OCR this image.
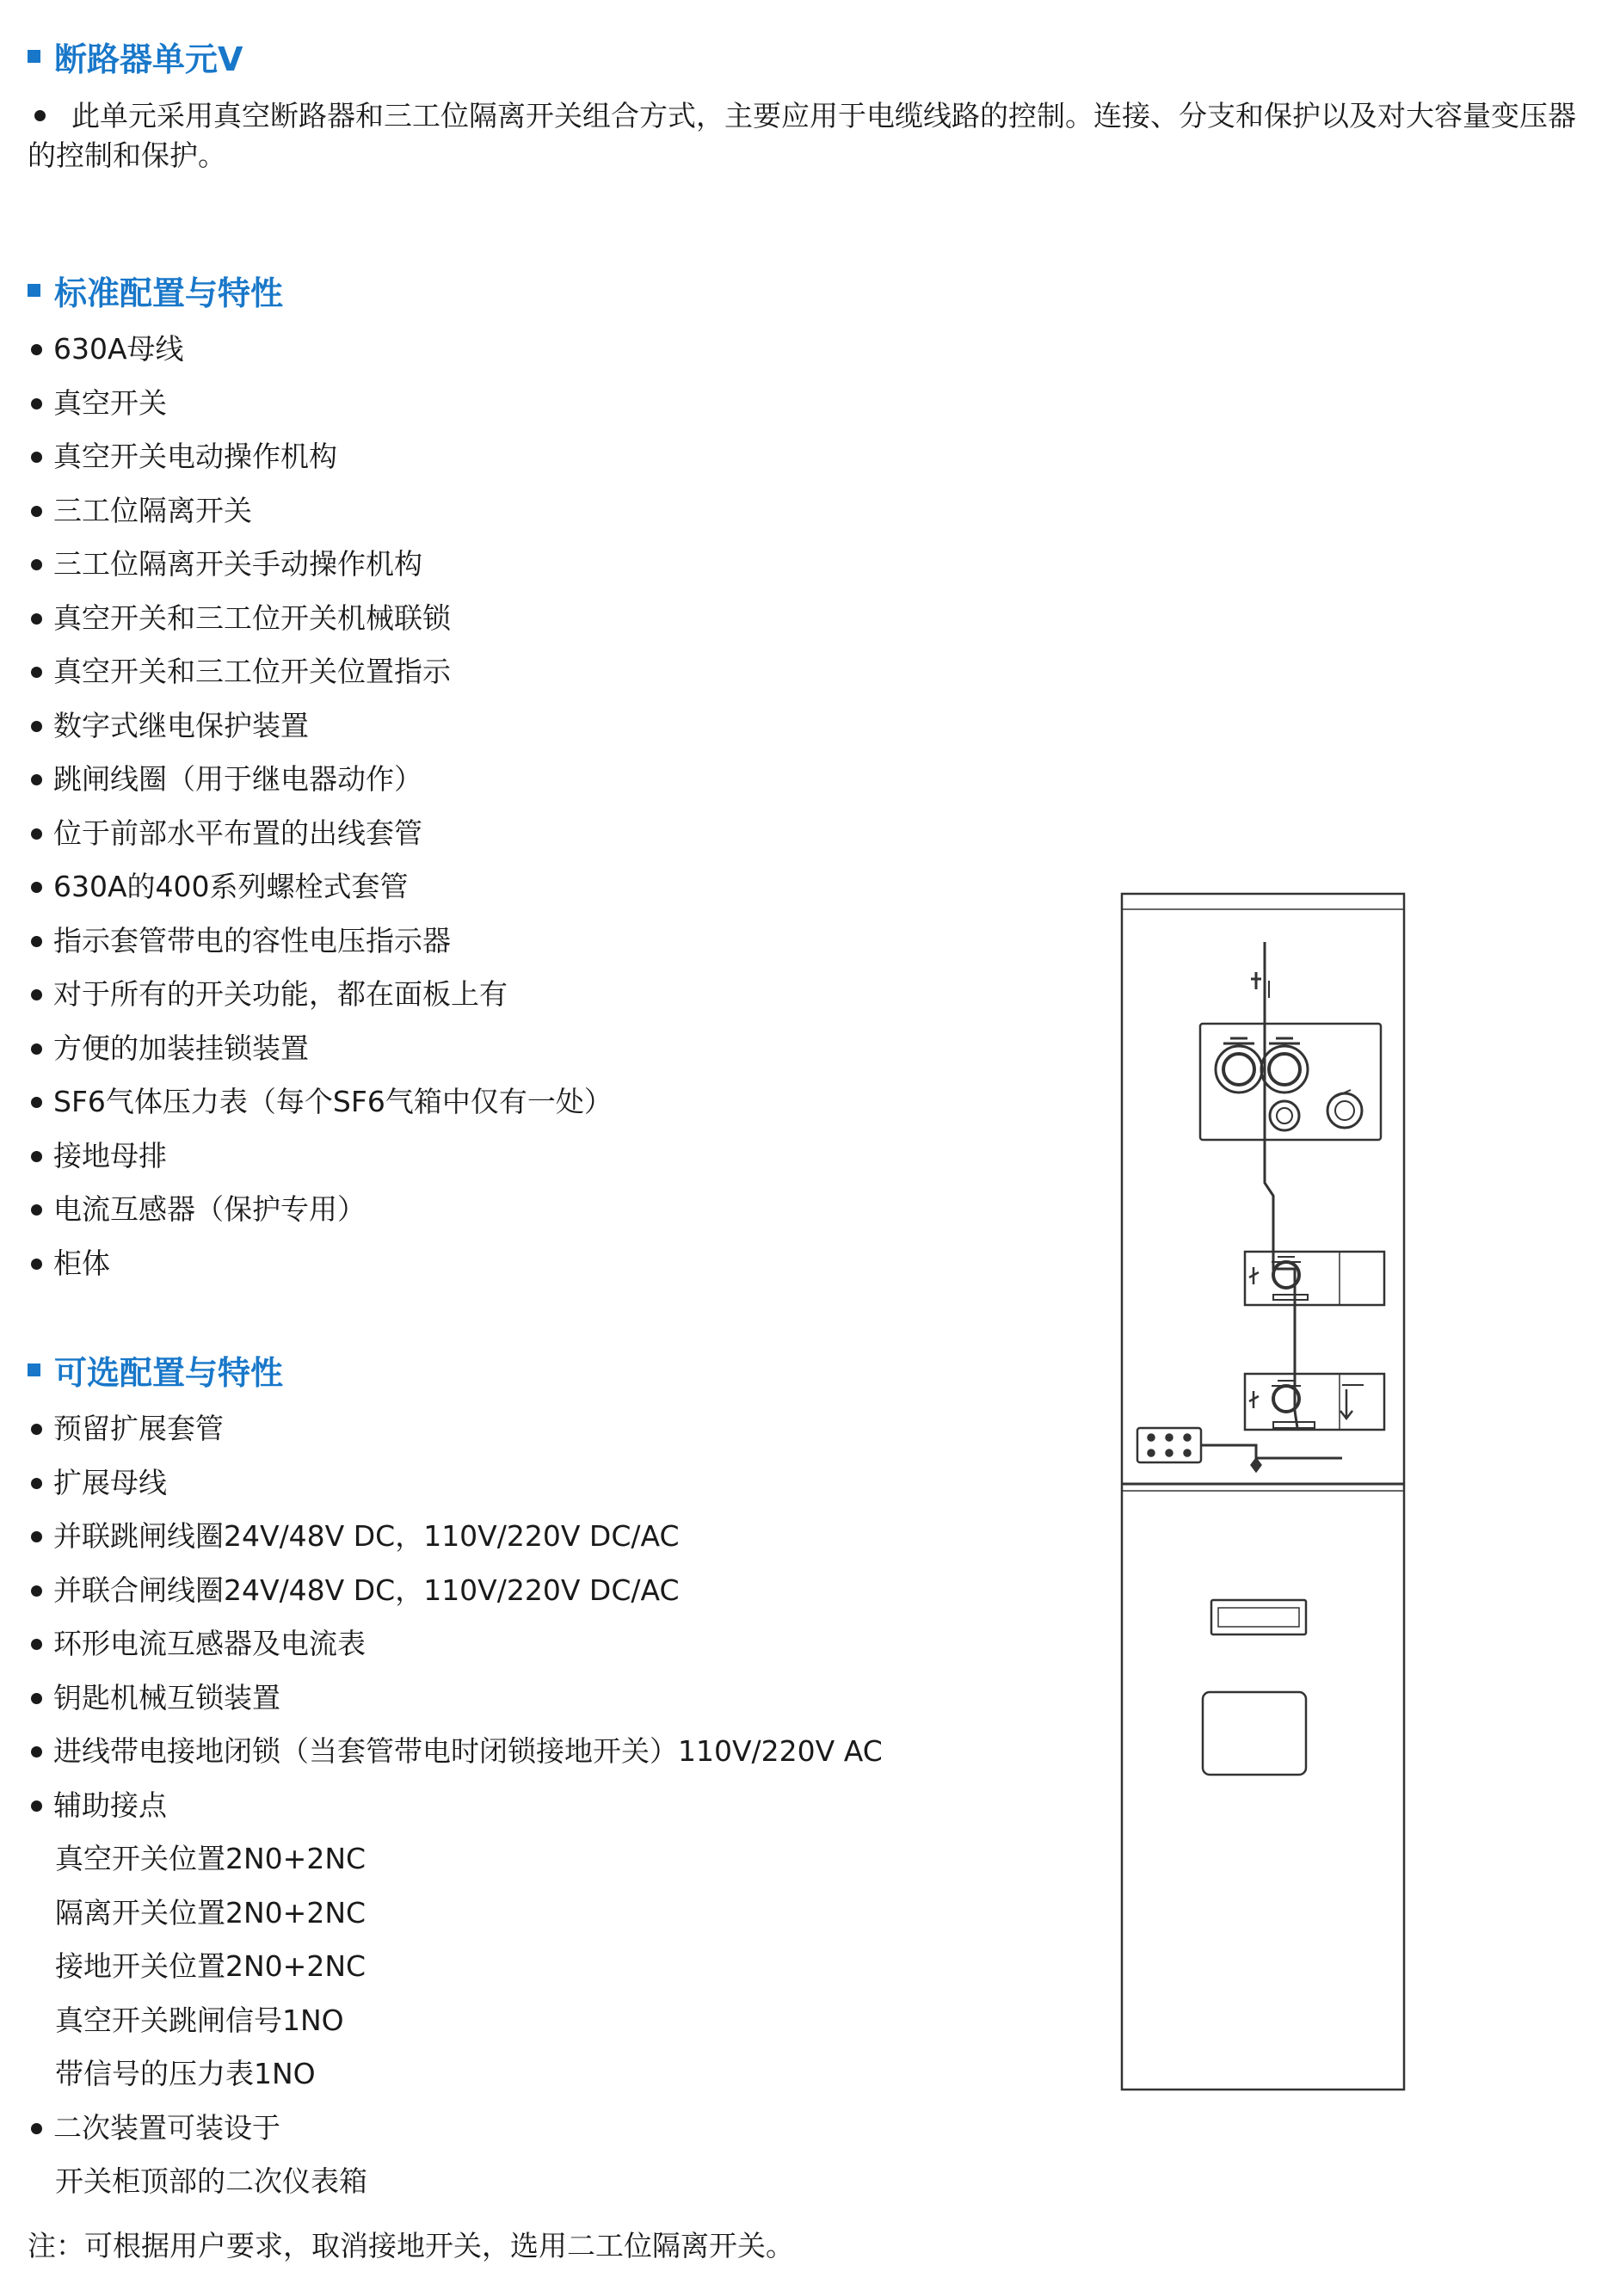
断路器单元V

此单元采用真空断路器和三工位隔离开关组合方式，主要应用于电缆线路的控制。连接、分支和保护以及对大容量变压器的控制和保护。

标准配置与特性
630A母线
真空开关
真空开关电动操作机构
三工位隔离开关
三工位隔离开关手动操作机构
真空开关和三工位开关机械联锁
真空开关和三工位开关位置指示
数字式继电保护装置
跳闸线圈（用于继电器动作）
位于前部水平布置的出线套管
630A的400系列螺栓式套管
指示套管带电的容性电压指示器
对于所有的开关功能，都在面板上有
方便的加装挂锁装置
SF6气体压力表（每个SF6气箱中仅有一处）
接地母排
电流互感器（保护专用）
柜体
可选配置与特性
预留扩展套管
扩展母线
并联跳闸线圈24V/48V DC，110V/220V DC/AC
并联合闸线圈24V/48V DC，110V/220V DC/AC
环形电流互感器及电流表
钥匙机械互锁装置
进线带电接地闭锁（当套管带电时闭锁接地开关）110V/220V AC
辅助接点
真空开关位置2N0+2NC
隔离开关位置2N0+2NC
接地开关位置2N0+2NC
真空开关跳闸信号1NO
带信号的压力表1NO
二次装置可装设于
开关柜顶部的二次仪表箱
注：可根据用户要求，取消接地开关，选用二工位隔离开关。
